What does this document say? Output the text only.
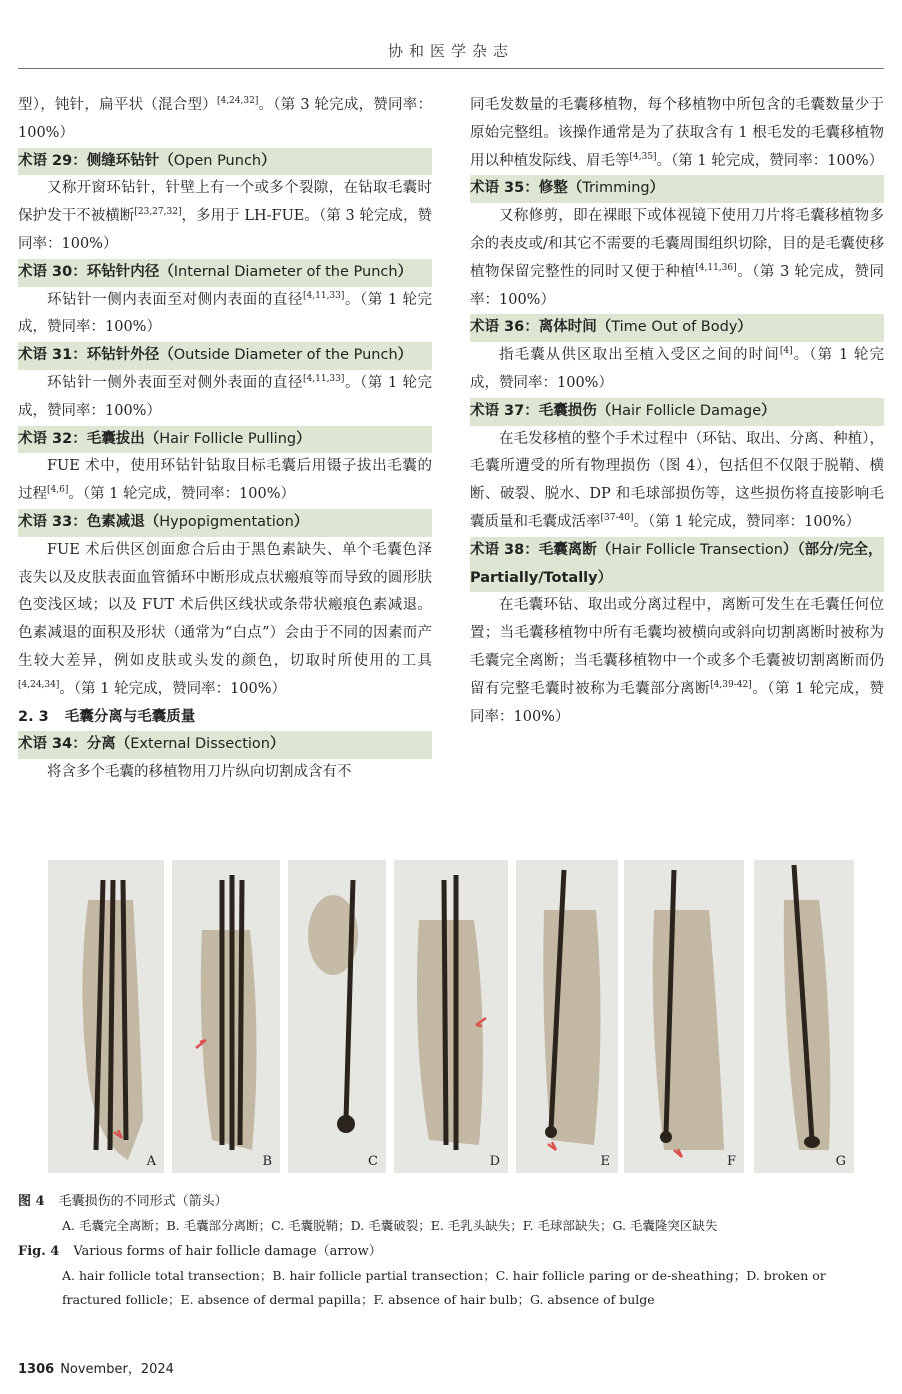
协和医学杂志

型），钝针，扁平状（混合型）[4,24,32]。（第 3 轮完成，赞同率：100%）

术语 29：侧缝环钻针（Open Punch）

又称开窗环钻针，针壁上有一个或多个裂隙，在钻取毛囊时保护发干不被横断[23,27,32]，多用于 LH-FUE。（第 3 轮完成，赞同率：100%）

术语 30：环钻针内径（Internal Diameter of the Punch）

环钻针一侧内表面至对侧内表面的直径[4,11,33]。（第 1 轮完成，赞同率：100%）

术语 31：环钻针外径（Outside Diameter of the Punch）

环钻针一侧外表面至对侧外表面的直径[4,11,33]。（第 1 轮完成，赞同率：100%）

术语 32：毛囊拔出（Hair Follicle Pulling）

FUE 术中，使用环钻针钻取目标毛囊后用镊子拔出毛囊的过程[4,6]。（第 1 轮完成，赞同率：100%）

术语 33：色素减退（Hypopigmentation）

FUE 术后供区创面愈合后由于黑色素缺失、单个毛囊色泽丧失以及皮肤表面血管循环中断形成点状瘢痕等而导致的圆形肤色变浅区域；以及 FUT 术后供区线状或条带状瘢痕色素减退。色素减退的面积及形状（通常为“白点”）会由于不同的因素而产生较大差异，例如皮肤或头发的颜色，切取时所使用的工具[4,24,34]。（第 1 轮完成，赞同率：100%）

2. 3 毛囊分离与毛囊质量

术语 34：分离（External Dissection）

将含多个毛囊的移植物用刀片纵向切割成含有不

同毛发数量的毛囊移植物，每个移植物中所包含的毛囊数量少于原始完整组。该操作通常是为了获取含有 1 根毛发的毛囊移植物用以种植发际线、眉毛等[4,35]。（第 1 轮完成，赞同率：100%）

术语 35：修整（Trimming）

又称修剪，即在裸眼下或体视镜下使用刀片将毛囊移植物多余的表皮或/和其它不需要的毛囊周围组织切除，目的是毛囊使移植物保留完整性的同时又便于种植[4,11,36]。（第 3 轮完成，赞同率：100%）

术语 36：离体时间（Time Out of Body）

指毛囊从供区取出至植入受区之间的时间[4]。（第 1 轮完成，赞同率：100%）

术语 37：毛囊损伤（Hair Follicle Damage）

在毛发移植的整个手术过程中（环钻、取出、分离、种植），毛囊所遭受的所有物理损伤（图 4），包括但不仅限于脱鞘、横断、破裂、脱水、DP 和毛球部损伤等，这些损伤将直接影响毛囊质量和毛囊成活率[37-40]。（第 1 轮完成，赞同率：100%）

术语 38：毛囊离断（Hair Follicle Transection）（部分/完全，Partially/Totally）

在毛囊环钻、取出或分离过程中，离断可发生在毛囊任何位置；当毛囊移植物中所有毛囊均被横向或斜向切割离断时被称为毛囊完全离断；当毛囊移植物中一个或多个毛囊被切割离断而仍留有完整毛囊时被称为毛囊部分离断[4,39-42]。（第 1 轮完成，赞同率：100%）

A	B	C	D	E	F	G
图 4 毛囊损伤的不同形式（箭头）
A. 毛囊完全离断；B. 毛囊部分离断；C. 毛囊脱鞘；D. 毛囊破裂；E. 毛乳头缺失；F. 毛球部缺失；G. 毛囊隆突区缺失
Fig. 4 Various forms of hair follicle damage（arrow）
A. hair follicle total transection；B. hair follicle partial transection；C. hair follicle paring or de-sheathing；D. broken or fractured follicle；E. absence of dermal papilla；F. absence of hair bulb；G. absence of bulge
1306 November，2024
